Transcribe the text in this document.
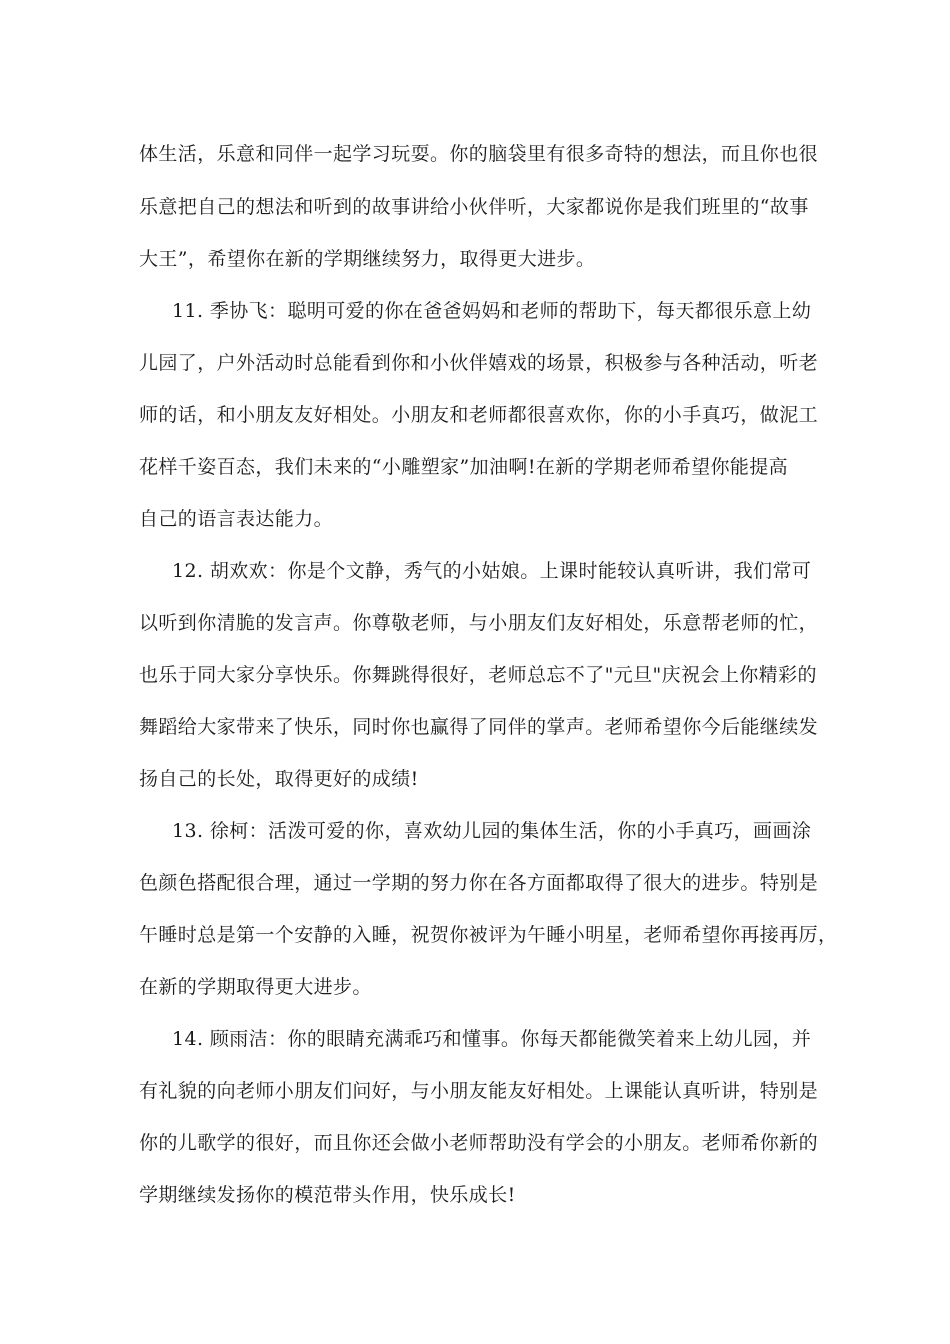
体生活，乐意和同伴一起学习玩耍。你的脑袋里有很多奇特的想法，而且你也很
乐意把自己的想法和听到的故事讲给小伙伴听，大家都说你是我们班里的“故事
大王”，希望你在新的学期继续努力，取得更大进步。
11. 季协飞：聪明可爱的你在爸爸妈妈和老师的帮助下，每天都很乐意上幼
儿园了，户外活动时总能看到你和小伙伴嬉戏的场景，积极参与各种活动，听老
师的话，和小朋友友好相处。小朋友和老师都很喜欢你，你的小手真巧，做泥工
花样千姿百态，我们未来的“小雕塑家”加油啊!在新的学期老师希望你能提高
自己的语言表达能力。
12. 胡欢欢：你是个文静，秀气的小姑娘。上课时能较认真听讲，我们常可
以听到你清脆的发言声。你尊敬老师，与小朋友们友好相处，乐意帮老师的忙，
也乐于同大家分享快乐。你舞跳得很好，老师总忘不了"元旦"庆祝会上你精彩的
舞蹈给大家带来了快乐，同时你也赢得了同伴的掌声。老师希望你今后能继续发
扬自己的长处，取得更好的成绩!
13. 徐柯：活泼可爱的你，喜欢幼儿园的集体生活，你的小手真巧，画画涂
色颜色搭配很合理，通过一学期的努力你在各方面都取得了很大的进步。特别是
午睡时总是第一个安静的入睡，祝贺你被评为午睡小明星，老师希望你再接再厉，
在新的学期取得更大进步。
14. 顾雨洁：你的眼睛充满乖巧和懂事。你每天都能微笑着来上幼儿园，并
有礼貌的向老师小朋友们问好，与小朋友能友好相处。上课能认真听讲，特别是
你的儿歌学的很好，而且你还会做小老师帮助没有学会的小朋友。老师希你新的
学期继续发扬你的模范带头作用，快乐成长!
